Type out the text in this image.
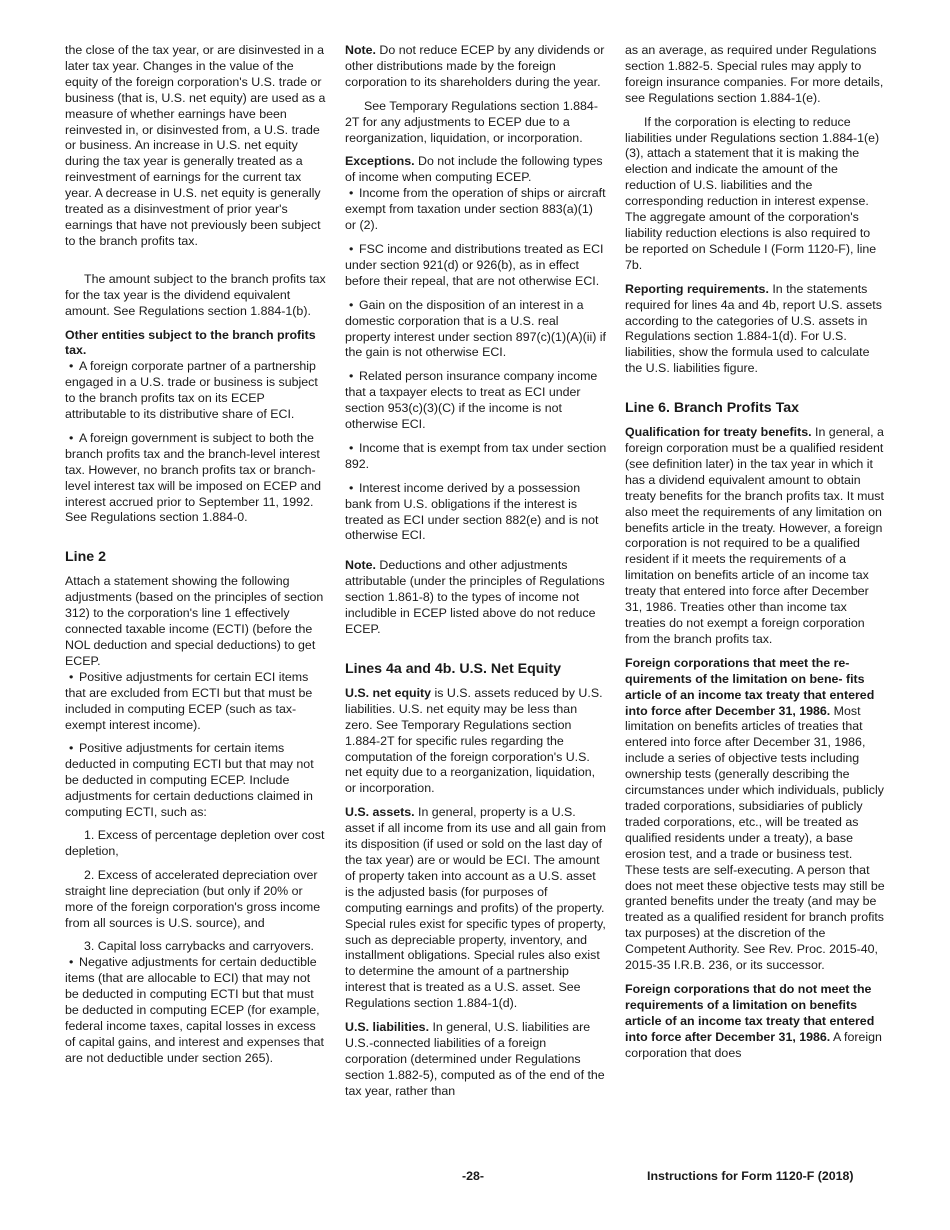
the close of the tax year, or are disinvested in a later tax year. Changes in the value of the equity of the foreign corporation's U.S. trade or business (that is, U.S. net equity) are used as a measure of whether earnings have been reinvested in, or disinvested from, a U.S. trade or business. An increase in U.S. net equity during the tax year is generally treated as a reinvestment of earnings for the current tax year. A decrease in U.S. net equity is generally treated as a disinvestment of prior year's earnings that have not previously been subject to the branch profits tax.

The amount subject to the branch profits tax for the tax year is the dividend equivalent amount. See Regulations section 1.884-1(b).

Other entities subject to the branch profits tax.

• A foreign corporate partner of a partnership engaged in a U.S. trade or business is subject to the branch profits tax on its ECEP attributable to its distributive share of ECI.

• A foreign government is subject to both the branch profits tax and the branch-level interest tax. However, no branch profits tax or branch-level interest tax will be imposed on ECEP and interest accrued prior to September 11, 1992. See Regulations section 1.884-0.

Line 2

Attach a statement showing the following adjustments (based on the principles of section 312) to the corporation's line 1 effectively connected taxable income (ECTI) (before the NOL deduction and special deductions) to get ECEP.

• Positive adjustments for certain ECI items that are excluded from ECTI but that must be included in computing ECEP (such as tax-exempt interest income).

• Positive adjustments for certain items deducted in computing ECTI but that may not be deducted in computing ECEP. Include adjustments for certain deductions claimed in computing ECTI, such as:

1. Excess of percentage depletion over cost depletion,

2. Excess of accelerated depreciation over straight line depreciation (but only if 20% or more of the foreign corporation's gross income from all sources is U.S. source), and

3. Capital loss carrybacks and carryovers.

• Negative adjustments for certain deductible items (that are allocable to ECI) that may not be deducted in computing ECTI but that must be deducted in computing ECEP (for example, federal income taxes, capital losses in excess of capital gains, and interest and expenses that are not deductible under section 265).

Note. Do not reduce ECEP by any dividends or other distributions made by the foreign corporation to its shareholders during the year.

See Temporary Regulations section 1.884-2T for any adjustments to ECEP due to a reorganization, liquidation, or incorporation.

Exceptions. Do not include the following types of income when computing ECEP.

• Income from the operation of ships or aircraft exempt from taxation under section 883(a)(1) or (2).

• FSC income and distributions treated as ECI under section 921(d) or 926(b), as in effect before their repeal, that are not otherwise ECI.

• Gain on the disposition of an interest in a domestic corporation that is a U.S. real property interest under section 897(c)(1)(A)(ii) if the gain is not otherwise ECI.

• Related person insurance company income that a taxpayer elects to treat as ECI under section 953(c)(3)(C) if the income is not otherwise ECI.

• Income that is exempt from tax under section 892.

• Interest income derived by a possession bank from U.S. obligations if the interest is treated as ECI under section 882(e) and is not otherwise ECI.

Note. Deductions and other adjustments attributable (under the principles of Regulations section 1.861-8) to the types of income not includible in ECEP listed above do not reduce ECEP.

Lines 4a and 4b. U.S. Net Equity

U.S. net equity is U.S. assets reduced by U.S. liabilities. U.S. net equity may be less than zero. See Temporary Regulations section 1.884-2T for specific rules regarding the computation of the foreign corporation's U.S. net equity due to a reorganization, liquidation, or incorporation.

U.S. assets. In general, property is a U.S. asset if all income from its use and all gain from its disposition (if used or sold on the last day of the tax year) are or would be ECI. The amount of property taken into account as a U.S. asset is the adjusted basis (for purposes of computing earnings and profits) of the property. Special rules exist for specific types of property, such as depreciable property, inventory, and installment obligations. Special rules also exist to determine the amount of a partnership interest that is treated as a U.S. asset. See Regulations section 1.884-1(d).

U.S. liabilities. In general, U.S. liabilities are U.S.-connected liabilities of a foreign corporation (determined under Regulations section 1.882-5), computed as of the end of the tax year, rather than

as an average, as required under Regulations section 1.882-5. Special rules may apply to foreign insurance companies. For more details, see Regulations section 1.884-1(e).

If the corporation is electing to reduce liabilities under Regulations section 1.884-1(e)(3), attach a statement that it is making the election and indicate the amount of the reduction of U.S. liabilities and the corresponding reduction in interest expense. The aggregate amount of the corporation's liability reduction elections is also required to be reported on Schedule I (Form 1120-F), line 7b.

Reporting requirements. In the statements required for lines 4a and 4b, report U.S. assets according to the categories of U.S. assets in Regulations section 1.884-1(d). For U.S. liabilities, show the formula used to calculate the U.S. liabilities figure.

Line 6. Branch Profits Tax

Qualification for treaty benefits. In general, a foreign corporation must be a qualified resident (see definition later) in the tax year in which it has a dividend equivalent amount to obtain treaty benefits for the branch profits tax. It must also meet the requirements of any limitation on benefits article in the treaty. However, a foreign corporation is not required to be a qualified resident if it meets the requirements of a limitation on benefits article of an income tax treaty that entered into force after December 31, 1986. Treaties other than income tax treaties do not exempt a foreign corporation from the branch profits tax.

Foreign corporations that meet the re- quirements of the limitation on bene- fits article of an income tax treaty that entered into force after December 31, 1986. Most limitation on benefits articles of treaties that entered into force after December 31, 1986, include a series of objective tests including ownership tests (generally describing the circumstances under which individuals, publicly traded corporations, subsidiaries of publicly traded corporations, etc., will be treated as qualified residents under a treaty), a base erosion test, and a trade or business test. These tests are self-executing. A person that does not meet these objective tests may still be granted benefits under the treaty (and may be treated as a qualified resident for branch profits tax purposes) at the discretion of the Competent Authority. See Rev. Proc. 2015-40, 2015-35 I.R.B. 236, or its successor.

Foreign corporations that do not meet the requirements of a limitation on benefits article of an income tax treaty that entered into force after December 31, 1986. A foreign corporation that does

-28-	Instructions for Form 1120-F (2018)
